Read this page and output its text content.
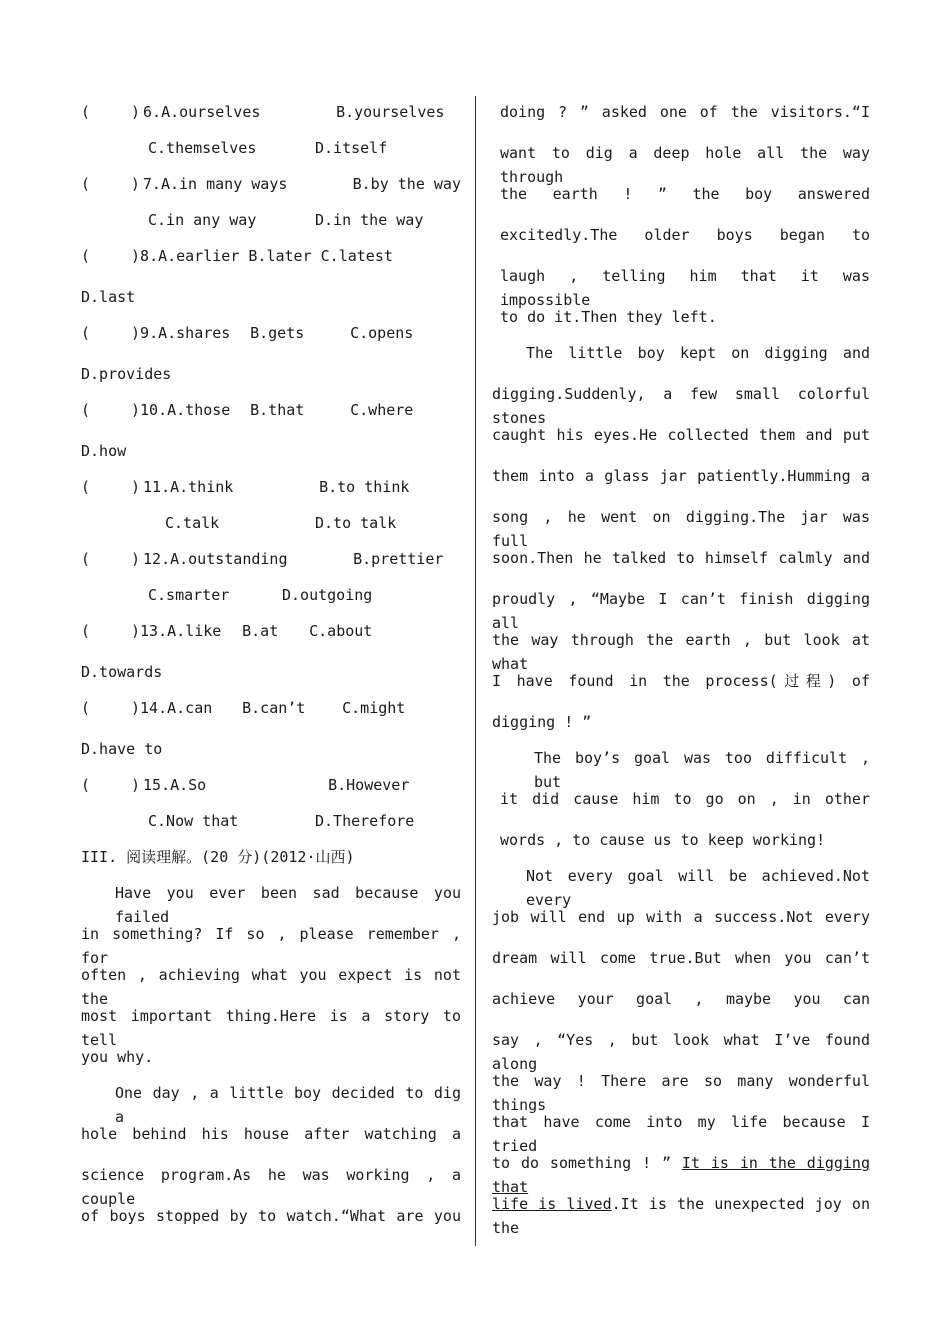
(	) 6 . A.ourselves	B.yourselves
C.themselves	D.itself
(	) 7 . A.in many ways	B.by the way
C.in any way	D.in the way
(	)8.A.earlier B.later C.latest
D.last
(	)9.A.shares B.gets	C.opens
D.provides
(	)10.A.those B.that	C.where
D.how
(	) 11 . A.think	B.to think
C.talk	D.to talk
(	) 12 . A.outstanding	B.prettier
C.smarter	D.outgoing
(	)13.A.like B.at C.about
D.towards
(	)14.A.can B.can’t C.might
D.have to
(	) 15 . A.So	B.However
C.Now that	D.Therefore
III. 阅读理解。(20 分)(2012·山西)
Have you ever been sad because you failed
in something? If so , please remember , for
often , achieving what you expect is not the
most important thing.Here is a story to tell
you why.
One day , a little boy decided to dig a
hole behind his house after watching a
science program.As he was working , a couple
of boys stopped by to watch.“What are you
doing ? ” asked one of the visitors.“I
want to dig a deep hole all the way through
the earth ! ” the boy answered
excitedly.The older boys began to
laugh , telling him that it was impossible
to do it.Then they left.
The little boy kept on digging and
digging.Suddenly, a few small colorful stones
caught his eyes.He collected them and put
them into a glass jar patiently.Humming a
song , he went on digging.The jar was full
soon.Then he talked to himself calmly and
proudly , “Maybe I can’t finish digging all
the way through the earth , but look at what
I have found in the process(过程) of
digging ! ”
The boy’s goal was too difficult , but
it did cause him to go on , in other
words , to cause us to keep working!
Not every goal will be achieved.Not every
job will end up with a success.Not every
dream will come true.But when you can’t
achieve your goal , maybe you can
say , “Yes , but look what I’ve found along
the way ! There are so many wonderful things
that have come into my life because I tried
to do something ! ” It is in the digging that
life is lived.It is the unexpected joy on the
